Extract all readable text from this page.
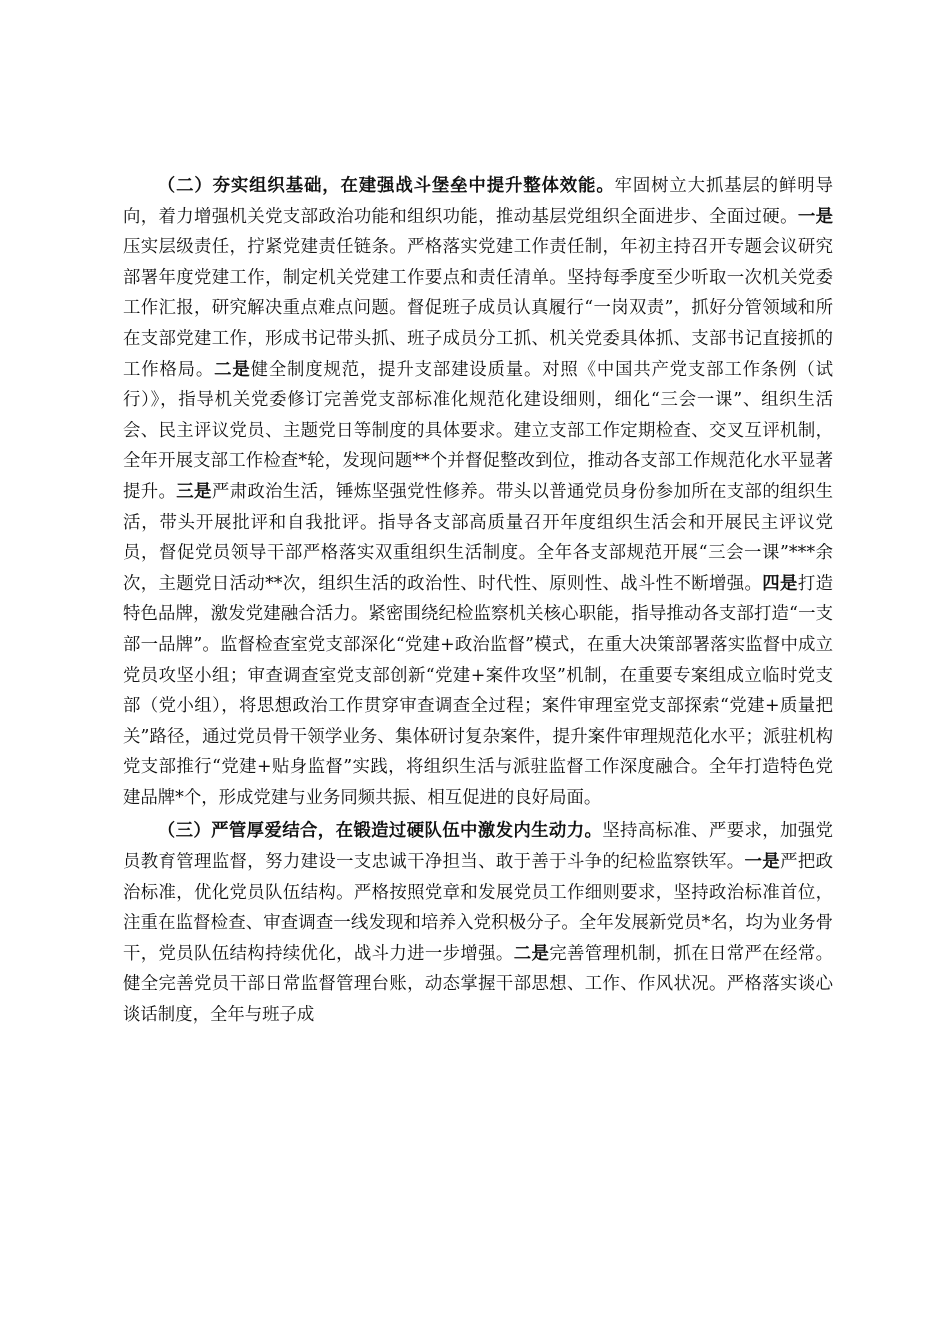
（二）夯实组织基础，在建强战斗堡垒中提升整体效能。牢固树立大抓基层的鲜明导向，着力增强机关党支部政治功能和组织功能，推动基层党组织全面进步、全面过硬。一是压实层级责任，拧紧党建责任链条。严格落实党建工作责任制，年初主持召开专题会议研究部署年度党建工作，制定机关党建工作要点和责任清单。坚持每季度至少听取一次机关党委工作汇报，研究解决重点难点问题。督促班子成员认真履行“一岗双责”，抓好分管领域和所在支部党建工作，形成书记带头抓、班子成员分工抓、机关党委具体抓、支部书记直接抓的工作格局。二是健全制度规范，提升支部建设质量。对照《中国共产党支部工作条例（试行）》，指导机关党委修订完善党支部标准化规范化建设细则，细化“三会一课”、组织生活会、民主评议党员、主题党日等制度的具体要求。建立支部工作定期检查、交叉互评机制，全年开展支部工作检查*轮，发现问题**个并督促整改到位，推动各支部工作规范化水平显著提升。三是严肃政治生活，锤炼坚强党性修养。带头以普通党员身份参加所在支部的组织生活，带头开展批评和自我批评。指导各支部高质量召开年度组织生活会和开展民主评议党员，督促党员领导干部严格落实双重组织生活制度。全年各支部规范开展“三会一课”***余次，主题党日活动**次，组织生活的政治性、时代性、原则性、战斗性不断增强。四是打造特色品牌，激发党建融合活力。紧密围绕纪检监察机关核心职能，指导推动各支部打造“一支部一品牌”。监督检查室党支部深化“党建+政治监督”模式，在重大决策部署落实监督中成立党员攻坚小组；审查调查室党支部创新“党建+案件攻坚”机制，在重要专案组成立临时党支部（党小组），将思想政治工作贯穿审查调查全过程；案件审理室党支部探索“党建+质量把关”路径，通过党员骨干领学业务、集体研讨复杂案件，提升案件审理规范化水平；派驻机构党支部推行“党建+贴身监督”实践，将组织生活与派驻监督工作深度融合。全年打造特色党建品牌*个，形成党建与业务同频共振、相互促进的良好局面。

（三）严管厚爱结合，在锻造过硬队伍中激发内生动力。坚持高标准、严要求，加强党员教育管理监督，努力建设一支忠诚干净担当、敢于善于斗争的纪检监察铁军。一是严把政治标准，优化党员队伍结构。严格按照党章和发展党员工作细则要求，坚持政治标准首位，注重在监督检查、审查调查一线发现和培养入党积极分子。全年发展新党员*名，均为业务骨干，党员队伍结构持续优化，战斗力进一步增强。二是完善管理机制，抓在日常严在经常。健全完善党员干部日常监督管理台账，动态掌握干部思想、工作、作风状况。严格落实谈心谈话制度，全年与班子成
